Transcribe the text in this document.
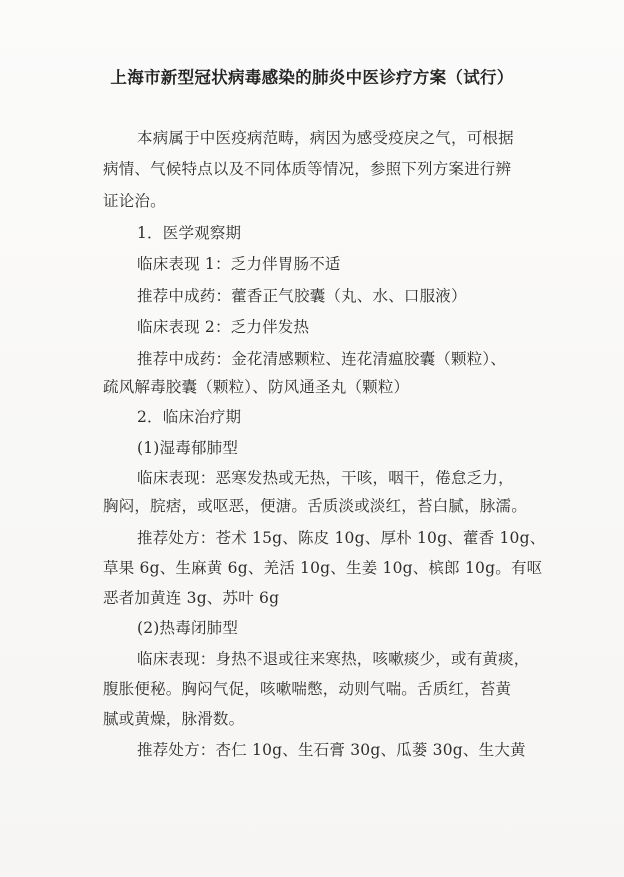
上海市新型冠状病毒感染的肺炎中医诊疗方案（试行）
本病属于中医疫病范畴，病因为感受疫戾之气，可根据
病情、气候特点以及不同体质等情况，参照下列方案进行辨
证论治。
1．医学观察期
临床表现 1：乏力伴胃肠不适
推荐中成药：藿香正气胶囊（丸、水、口服液）
临床表现 2：乏力伴发热
推荐中成药：金花清感颗粒、连花清瘟胶囊（颗粒）、
疏风解毒胶囊（颗粒）、防风通圣丸（颗粒）
2．临床治疗期
(1)湿毒郁肺型
临床表现：恶寒发热或无热，干咳，咽干，倦怠乏力，
胸闷，脘痞，或呕恶，便溏。舌质淡或淡红，苔白腻，脉濡。
推荐处方：苍术 15g、陈皮 10g、厚朴 10g、藿香 10g、
草果 6g、生麻黄 6g、羌活 10g、生姜 10g、槟郎 10g。有呕
恶者加黄连 3g、苏叶 6g
(2)热毒闭肺型
临床表现：身热不退或往来寒热，咳嗽痰少，或有黄痰，
腹胀便秘。胸闷气促，咳嗽喘憋，动则气喘。舌质红，苔黄
腻或黄燥，脉滑数。
推荐处方：杏仁 10g、生石膏 30g、瓜蒌 30g、生大黄
